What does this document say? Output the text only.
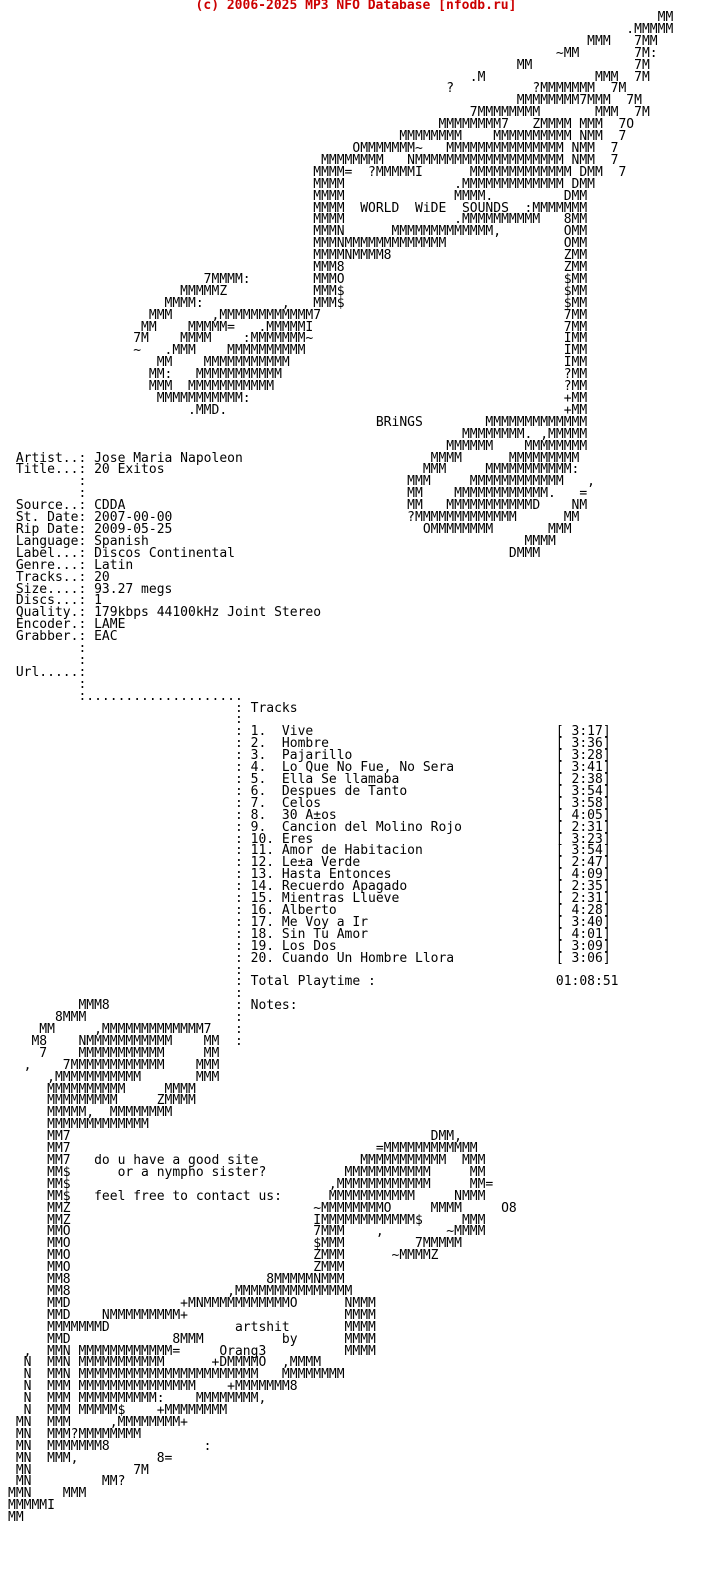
(c) 2006-2025 MP3 NFO Database [nfodb.ru]
MM
.MMMMM
MMM   7MM
~MM       7M:
MM             7M
.M              MMM  7M
?          ?MMMMMMM  7M
MMMMMMMM7MMM  7M
7MMMMMMMM       MMM  7M
MMMMMMMM7   ZMMMM MMM  7O
MMMMMMMM    MMMMMMMMMM NMM  7
OMMMMMMM~   MMMMMMMMMMMMMMM NMM  7
MMMMMMMM   NMMMMMMMMMMMMMMMMMMM NMM  7
MMMM=  ?MMMMMI      MMMMMMMMMMMMM DMM  7
MMMM              .MMMMMMMMMMMMM DMM
MMMM              MMMM.         DMM
MMMM  WORLD  WiDE  SOUNDS  :MMMMMMM
MMMM              .MMMMMMMMMM   8MM
MMMN      MMMMMMMMMMMMM,        OMM
MMMNMMMMMMMMMMMMM               OMM
MMMMNMMMM8                      ZMM
MMM8                            ZMM
7MMMM:        MMMO                            $MM
MMMMMZ           MMM$                            $MM
MMMM:          ,   MMM$                            $MM
MMM     ,MMMMMMMMMMMM7                               7MM
MM    MMMMM=   .MMMMMI                                7MM
7M    MMMM    :MMMMMMM~                                IMM
~   .MMM    MMMMMMMMMM                                 IMM
MM    MMMMMMMMMMM                                   IMM
MM:   MMMMMMMMMMM                                    ?MM
MMM  MMMMMMMMMMM                                     ?MM
MMMMMMMMMMM:                                        +MM
.MMD.                                           +MM
BRiNGS        MMMMMMMMMMMMM
MMMMMMMM. ,MMMMM
MMMMMM    MMMMMMMM
Artist..: Jose Maria Napoleon                        MMMM      MMMMMMMMM
Title...: 20 Exitos                                 MMM     MMMMMMMMMMM:
:                                         MMM     MMMMMMMMMMMM   ,
:                                         MM    MMMMMMMMMMMM.   =
Source..: CDDA                                    MM   MMMMMMMMMMMD    NM
St. Date: 2007-00-00                              ?MMMMMMMMMMMMM      MM
Rip Date: 2009-05-25                                OMMMMMMMM       MMM
Language: Spanish                                                MMMM
Label...: Discos Continental                                   DMMM
Genre...: Latin
Tracks..: 20
Size....: 93.27 megs
Discs...: 1
Quality.: 179kbps 44100kHz Joint Stereo
Encoder.: LAME
Grabber.: EAC
:
:
Url.....:
:
:....................
: Tracks
:
: 1.  Vive                               [ 3:17]
: 2.  Hombre                             [ 3:36]
: 3.  Pajarillo                          [ 3:28]
: 4.  Lo Que No Fue, No Sera             [ 3:41]
: 5.  Ella Se llamaba                    [ 2:38]
: 6.  Despues de Tanto                   [ 3:54]
: 7.  Celos                              [ 3:58]
: 8.  30 A±os                            [ 4:05]
: 9.  Cancion del Molino Rojo            [ 2:31]
: 10. Eres                               [ 3:23]
: 11. Amor de Habitacion                 [ 3:54]
: 12. Le±a Verde                         [ 2:47]
: 13. Hasta Entonces                     [ 4:09]
: 14. Recuerdo Apagado                   [ 2:35]
: 15. Mientras Llueve                    [ 2:31]
: 16. Alberto                            [ 4:28]
: 17. Me Voy a Ir                        [ 3:40]
: 18. Sin Tu Amor                        [ 4:01]
: 19. Los Dos                            [ 3:09]
: 20. Cuando Un Hombre Llora             [ 3:06]
:
: Total Playtime :                       01:08:51
:
MMM8                : Notes:
8MMM                   :
MM     ,MMMMMMMMMMMMM7   :
M8    NMMMMMMMMMMM    MM  :
7    MMMMMMMMMMM     MM
,    7MMMMMMMMMMMM    MMM
,MMMMMMMMMMM       MMM
MMMMMMMMMM     MMMM
MMMMMMMMM     ZMMMM
MMMMM,  MMMMMMMM
MMMMMMMMMMMMM
MM7                                              DMM,
MM7                                       =MMMMMMMMMMMM
MM7   do u have a good site             MMMMMMMMMMM  MMM
MM$      or a nympho sister?          MMMMMMMMMMM     MM
MM$                                 ,MMMMMMMMMMMM     MM=
MM$   feel free to contact us:      MMMMMMMMMMM     NMMM
MMZ                               ~MMMMMMMMO     MMMM     O8
MMZ                               IMMMMMMMMMMMM$     MMM
MMO                               7MMM    ,        ~MMMM
MMO                               $MMM         7MMMMM
MMO                               ZMMM      ~MMMMZ
MMO                               ZMMM
MM8                         8MMMMMNMMM
MM8                    ,MMMMMMMMMMMMMMM
MMD              +MNMMMMMMMMMMMO      NMMM
MMD    NMMMMMMMMM+                    MMMM
MMMMMMMD                artshit       MMMM
MMD             8MMM          by      MMMM
,  MMN MMMMMMMMMMMM=     Orang3          MMMM
N  MMN MMMMMMMMMMM      +DMMMMO  ,MMMM
N  MMN MMMMMMMMMMMMMMMMMMMMMMM   MMMMMMMM
N  MMM MMMMMMMMMMMMMMM    +MMMMMMM8
N  MMM MMMMMMMMMM:    MMMMMMMM,
N  MMM MMMMM$    +MMMMMMMM
MN  MMM     ,MMMMMMMM+
MN  MMM?MMMMMMMM
MN  MMMMMMM8            :
MN  MMM,          8=
MN             7M
MN         MM?
MMN    MMM
MMMMMI
MM
